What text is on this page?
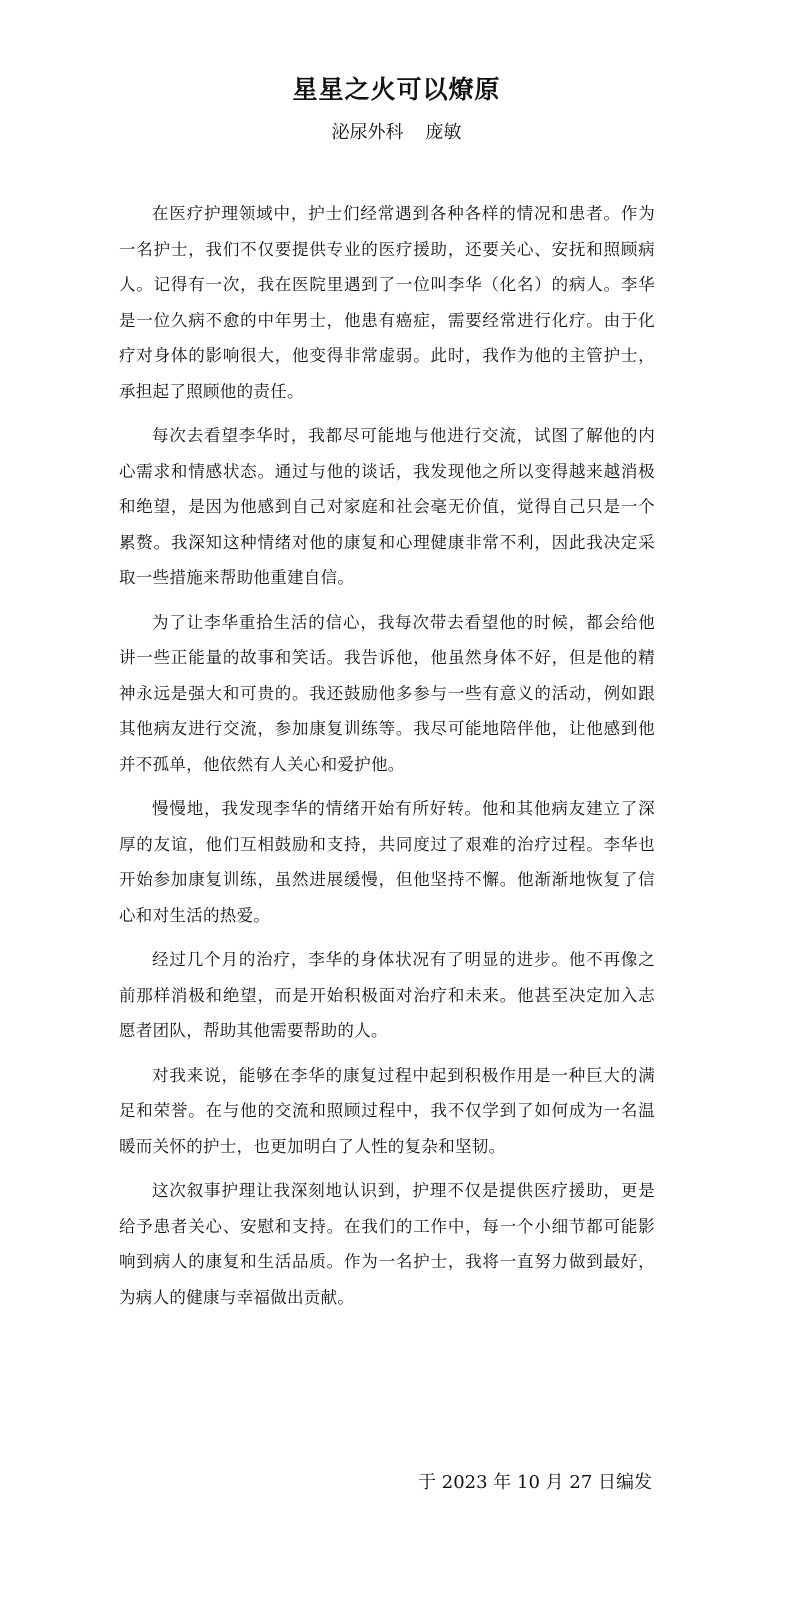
星星之火可以燎原
泌尿外科 庞敏

在医疗护理领域中，护士们经常遇到各种各样的情况和患者。作为一名护士，我们不仅要提供专业的医疗援助，还要关心、安抚和照顾病人。记得有一次，我在医院里遇到了一位叫李华（化名）的病人。李华是一位久病不愈的中年男士，他患有癌症，需要经常进行化疗。由于化疗对身体的影响很大，他变得非常虚弱。此时，我作为他的主管护士，承担起了照顾他的责任。

每次去看望李华时，我都尽可能地与他进行交流，试图了解他的内心需求和情感状态。通过与他的谈话，我发现他之所以变得越来越消极和绝望，是因为他感到自己对家庭和社会毫无价值，觉得自己只是一个累赘。我深知这种情绪对他的康复和心理健康非常不利，因此我决定采取一些措施来帮助他重建自信。

为了让李华重拾生活的信心，我每次带去看望他的时候，都会给他讲一些正能量的故事和笑话。我告诉他，他虽然身体不好，但是他的精神永远是强大和可贵的。我还鼓励他多参与一些有意义的活动，例如跟其他病友进行交流，参加康复训练等。我尽可能地陪伴他，让他感到他并不孤单，他依然有人关心和爱护他。

慢慢地，我发现李华的情绪开始有所好转。他和其他病友建立了深厚的友谊，他们互相鼓励和支持，共同度过了艰难的治疗过程。李华也开始参加康复训练，虽然进展缓慢，但他坚持不懈。他渐渐地恢复了信心和对生活的热爱。

经过几个月的治疗，李华的身体状况有了明显的进步。他不再像之前那样消极和绝望，而是开始积极面对治疗和未来。他甚至决定加入志愿者团队，帮助其他需要帮助的人。

对我来说，能够在李华的康复过程中起到积极作用是一种巨大的满足和荣誉。在与他的交流和照顾过程中，我不仅学到了如何成为一名温暖而关怀的护士，也更加明白了人性的复杂和坚韧。

这次叙事护理让我深刻地认识到，护理不仅是提供医疗援助，更是给予患者关心、安慰和支持。在我们的工作中，每一个小细节都可能影响到病人的康复和生活品质。作为一名护士，我将一直努力做到最好，为病人的健康与幸福做出贡献。

于 2023 年 10 月 27 日编发
